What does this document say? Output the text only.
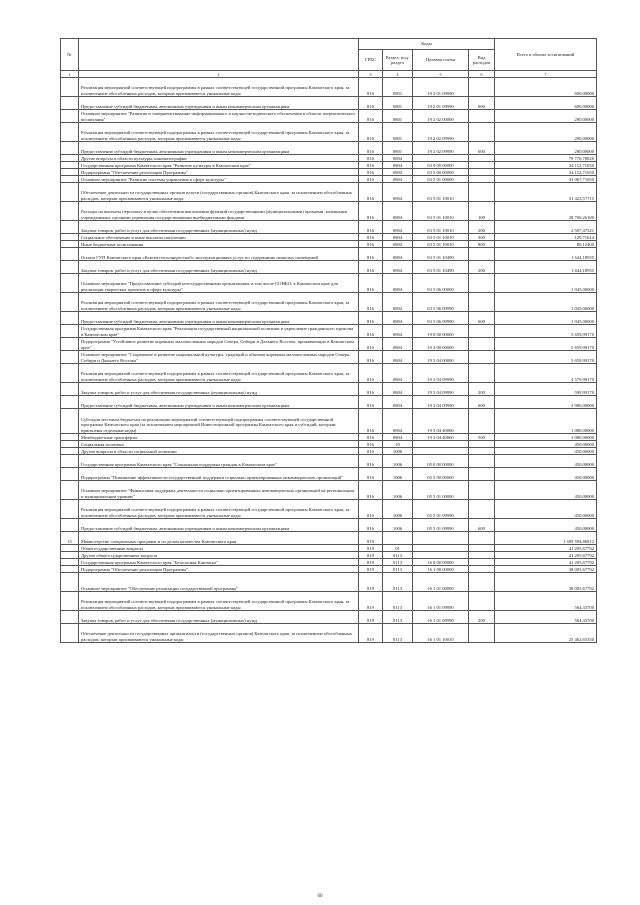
№		Коды				Всего в объеме ассигнований
		ГРБС	Раздел, под-раздел	Целевая статья	Вид расходов	
1	2	3	4	5	6	7
	Реализация мероприятий соответствующей подпрограммы в рамках соответствующей государственной программы Камчатского края, за исключением обособленных расходов, которым присваиваются уникальные коды	816	0801	19 2 01 09990		600,00000
	Предоставление субсидий бюджетным, автономным учреждениям и иным некоммерческим организациям	816	0801	19 2 01 09990	600	600,00000
	Основное мероприятие "Развитие и совершенствование информационного и научно-методического обеспечения в области патриотического воспитания"	816	0801	19 2 02 00000		290,00000
	Реализация мероприятий соответствующей подпрограммы в рамках соответствующей государственной программы Камчатского края, за исключением обособленных расходов, которым присваиваются уникальные коды	816	0801	19 2 02 09990		290,00000
	Предоставление субсидий бюджетным, автономным учреждениям и иным некоммерческим организациям	816	0801	19 2 02 09990	600	290,00000
	Другие вопросы в области культуры, кинематографии	816	0804			79 770,78820
	Государственная программа Камчатского края "Развитие культуры в Камчатском крае"	816	0804	03 0 00 00000		34 112,71650
	Подпрограмма "Обеспечение реализации Программы"	816	0804	03 5 00 00000		34 112,71650
	Основное мероприятие "Развитие системы управления в сфере культуры"	816	0804	03 5 01 00000		33 067,71650
	Обеспечение деятельности государственных органов власти (государственных органов) Камчатского края, за исключением обособленных расходов, которым присваиваются уникальные коды	816	0804	03 5 01 10010		31 423,57715
	Расходы на выплаты персоналу в целях обеспечения выполнения функций государственными (муниципальными) органами, казенными учреждениями, органами управления государственными внебюджетными фондами	816	0804	03 5 01 10010	100	28 706,26180
	Закупка товаров, работ и услуг для обеспечения государственных (муниципальных) нужд	816	0804	03 5 01 10010	200	2 507,47521
	Социальное обеспечение и иные выплаты населению	816	0804	03 5 01 10010	300	129,71614
	Иные бюджетные ассигнования	816	0804	03 5 01 10010	800	80,12400
	Оплата ГУП Камчатского края «Камчаттеплоэнергоснаб» эксплуатационных услуг по содержанию нежилых помещений	816	0804	03 5 01 10490		1 644,18935
	Закупка товаров, работ и услуг для обеспечения государственных (муниципальных) нужд	816	0804	03 5 01 10490	200	1 644,18935
	Основное мероприятие "Предоставление субсидий негосударственным организациям, в том числе СОНКО, в Камчатском крае для реализации творческих проектов в сфере культуры"	816	0804	03 5 06 00000		1 045,00000
	Реализация мероприятий соответствующей подпрограммы в рамках соответствующей государственной программы Камчатского края, за исключением обособленных расходов, которым присваиваются уникальные коды	816	0804	03 5 06 09990		1 045,00000
	Предоставление субсидий бюджетным, автономным учреждениям и иным некоммерческим организациям	816	0804	03 5 06 09990	600	1 045,00000
	Государственная программа Камчатского края "Реализация государственной национальной политики и укрепление гражданского единства в Камчатском крае"	816	0804	19 0 00 00000		5 659,99170
	Подпрограмма "Устойчивое развитие коренных малочисленных народов Севера, Сибири и Дальнего Востока, проживающих в Камчатском крае"	816	0804	19 3 00 00000		5 659,99170
	Основное мероприятие "Сохранение и развитие национальной культуры, традиций и обычаев коренных малочисленных народов Севера, Сибири и Дальнего Востока"	816	0804	19 3 04 00000		5 659,99170
	Реализация мероприятий соответствующей подпрограммы в рамках соответствующей государственной программы Камчатского края, за исключением обособленных расходов, которым присваиваются уникальные коды	816	0804	19 3 04 09990		4 579,99170
	Закупка товаров, работ и услуг для обеспечения государственных (муниципальных) нужд	816	0804	19 3 04 09990	200	599,99170
	Предоставление субсидий бюджетным, автономным учреждениям и иным некоммерческим организациям	816	0804	19 3 04 09990	600	3 980,00000
	Субсидии местным бюджетам на реализацию мероприятий соответствующей подпрограммы соответствующей государственной программы Камчатского края (за исключением мероприятий Инвестиционной программы Камчатского края и субсидий, которым присвоены отдельные коды)	816	0804	19 3 04 40060		1 080,00000
	Межбюджетные трансферты	816	0804	19 3 04 40060	500	1 080,00000
	Социальная политика	816	10			450,00000
	Другие вопросы в области социальной политики	816	1006			450,00000
	Государственная программа Камчатского края "Социальная поддержка граждан в Камчатском крае"	816	1006	05 0 00 00000		450,00000
	Подпрограмма "Повышение эффективности государственной поддержки социально ориентированных некоммерческих организаций"	816	1006	05 5 00 00000		450,00000
	Основное мероприятие "Финансовая поддержка деятельности социально ориентированных некоммерческих организаций на региональном и муниципальном уровнях"	816	1006	05 5 01 00000		450,00000
	Реализация мероприятий соответствующей подпрограммы в рамках соответствующей государственной программы Камчатского края, за исключением обособленных расходов, которым присваиваются уникальные коды	816	1006	05 5 01 09990		450,00000
	Предоставление субсидий бюджетным, автономным учреждениям и иным некоммерческим организациям	816	1006	05 5 01 09990	600	450,00000
15	Министерство специальных программ и по делам казачества Камчатского края	819				1 309 594,86812
	Общегосударственные вопросы	819	01			41 205,67792
	Другие общегосударственные вопросы	819	0113			41 205,67792
	Государственная программа Камчатского края "Безопасная Камчатка"	819	0113	16 0 00 00000		41 205,67792
	Подпрограмма "Обеспечение реализации Программы"	819	0113	16 1 00 00000		38 005,67792
	Основное мероприятие "Обеспечение реализации государственной программы"	819	0113	16 1 01 00000		38 005,67792
	Реализация мероприятий соответствующей подпрограммы в рамках соответствующей государственной программы Камчатского края, за исключением обособленных расходов, которым присваиваются уникальные коды	819	0113	16 1 01 09990		564,33700
	Закупка товаров, работ и услуг для обеспечения государственных (муниципальных) нужд	819	0113	16 1 01 09990	200	564,33700
	Обеспечение деятельности государственных органов власти (государственных органов) Камчатского края, за исключением обособленных расходов, которым присваиваются уникальные коды	819	0113	16 1 01 10010		25 462,65350
60
